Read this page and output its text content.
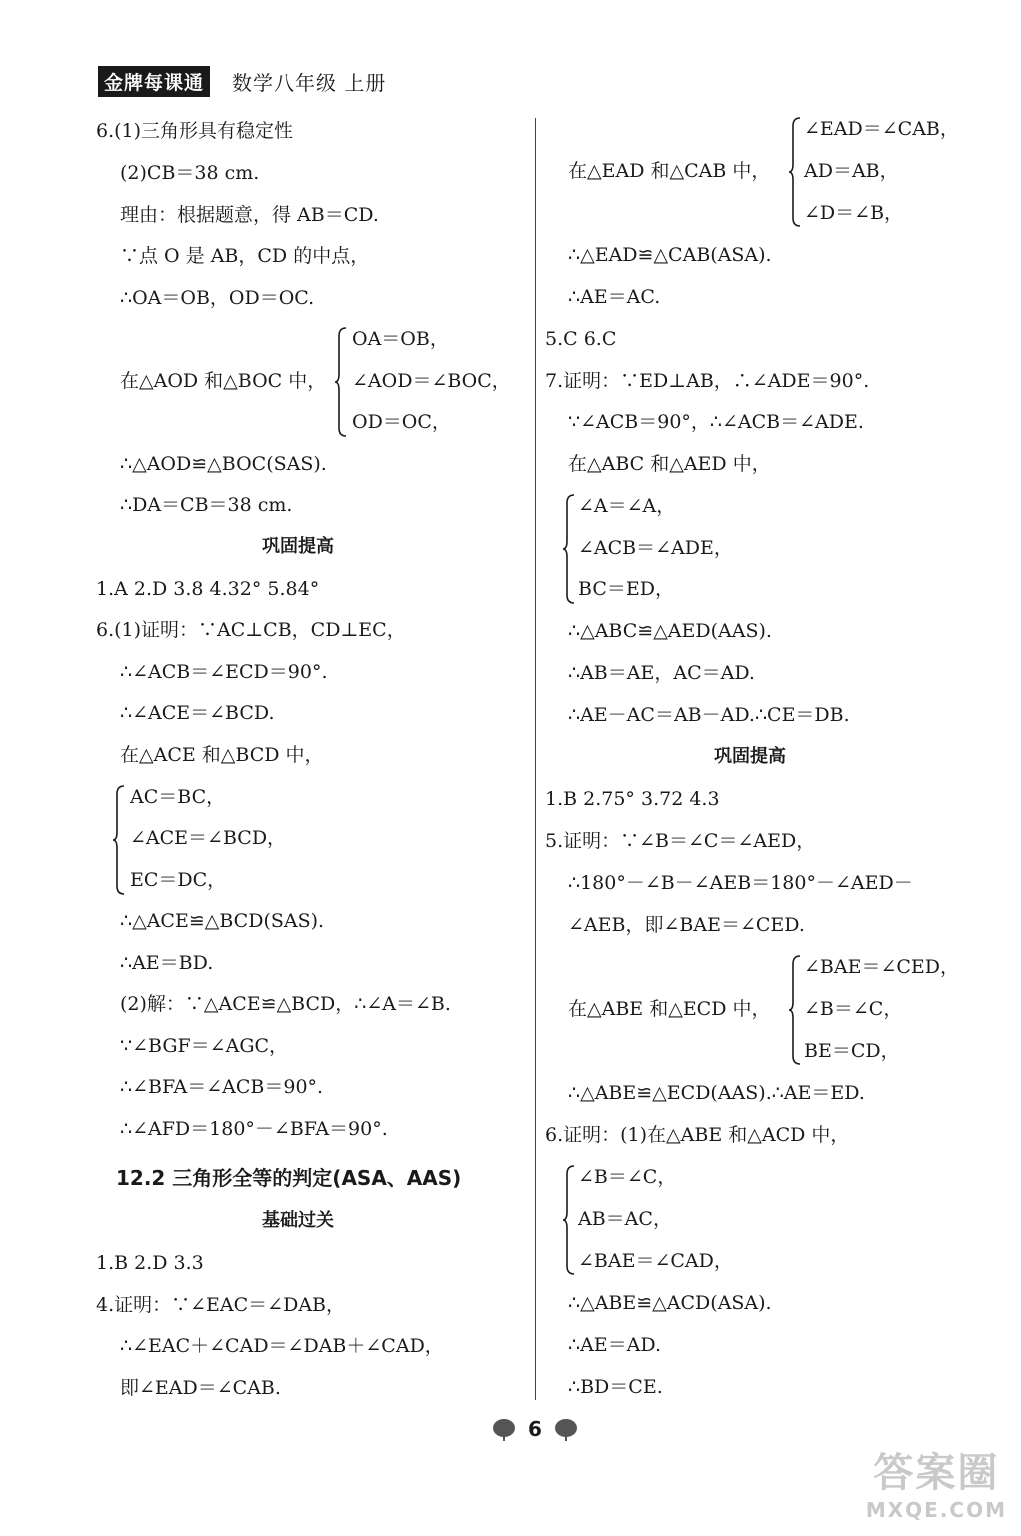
金牌每课通	数学八年级 上册
6.(1)三角形具有稳定性
(2)CB＝38 cm.
理由：根据题意，得 AB＝CD.
∵点 O 是 AB，CD 的中点，
∴OA＝OB，OD＝OC.
在△AOD 和△BOC 中，
OA＝OB，
∠AOD＝∠BOC，
OD＝OC，
∴△AOD≌△BOC(SAS).
∴DA＝CB＝38 cm.
巩固提高
1.A 2.D 3.8 4.32° 5.84°
6.(1)证明：∵AC⊥CB，CD⊥EC，
∴∠ACB＝∠ECD＝90°.
∴∠ACE＝∠BCD.
在△ACE 和△BCD 中，
AC＝BC，
∠ACE＝∠BCD，
EC＝DC，
∴△ACE≌△BCD(SAS).
∴AE＝BD.
(2)解：∵△ACE≌△BCD，∴∠A＝∠B.
∵∠BGF＝∠AGC，
∴∠BFA＝∠ACB＝90°.
∴∠AFD＝180°－∠BFA＝90°.
12.2 三角形全等的判定(ASA、AAS)
基础过关
1.B 2.D 3.3
4.证明：∵∠EAC＝∠DAB，
∴∠EAC＋∠CAD＝∠DAB＋∠CAD，
即∠EAD＝∠CAB.
∠EAD＝∠CAB，
在△EAD 和△CAB 中， AD＝AB，
∠D＝∠B，
∴△EAD≌△CAB(ASA).
∴AE＝AC.
5.C 6.C
7.证明：∵ED⊥AB，∴∠ADE＝90°.
∵∠ACB＝90°，∴∠ACB＝∠ADE.
在△ABC 和△AED 中，
∠A＝∠A，
∠ACB＝∠ADE，
BC＝ED，
∴△ABC≌△AED(AAS).
∴AB＝AE，AC＝AD.
∴AE－AC＝AB－AD.∴CE＝DB.
巩固提高
1.B 2.75° 3.72 4.3
5.证明：∵∠B＝∠C＝∠AED，
∴180°－∠B－∠AEB＝180°－∠AED－
∠AEB，即∠BAE＝∠CED.
∠BAE＝∠CED，
在△ABE 和△ECD 中， ∠B＝∠C，
BE＝CD，
∴△ABE≌△ECD(AAS).∴AE＝ED.
6.证明：(1)在△ABE 和△ACD 中，
∠B＝∠C，
AB＝AC，
∠BAE＝∠CAD，
∴△ABE≌△ACD(ASA).
∴AE＝AD.
∴BD＝CE.
6
答案圈
MXQE.COM
